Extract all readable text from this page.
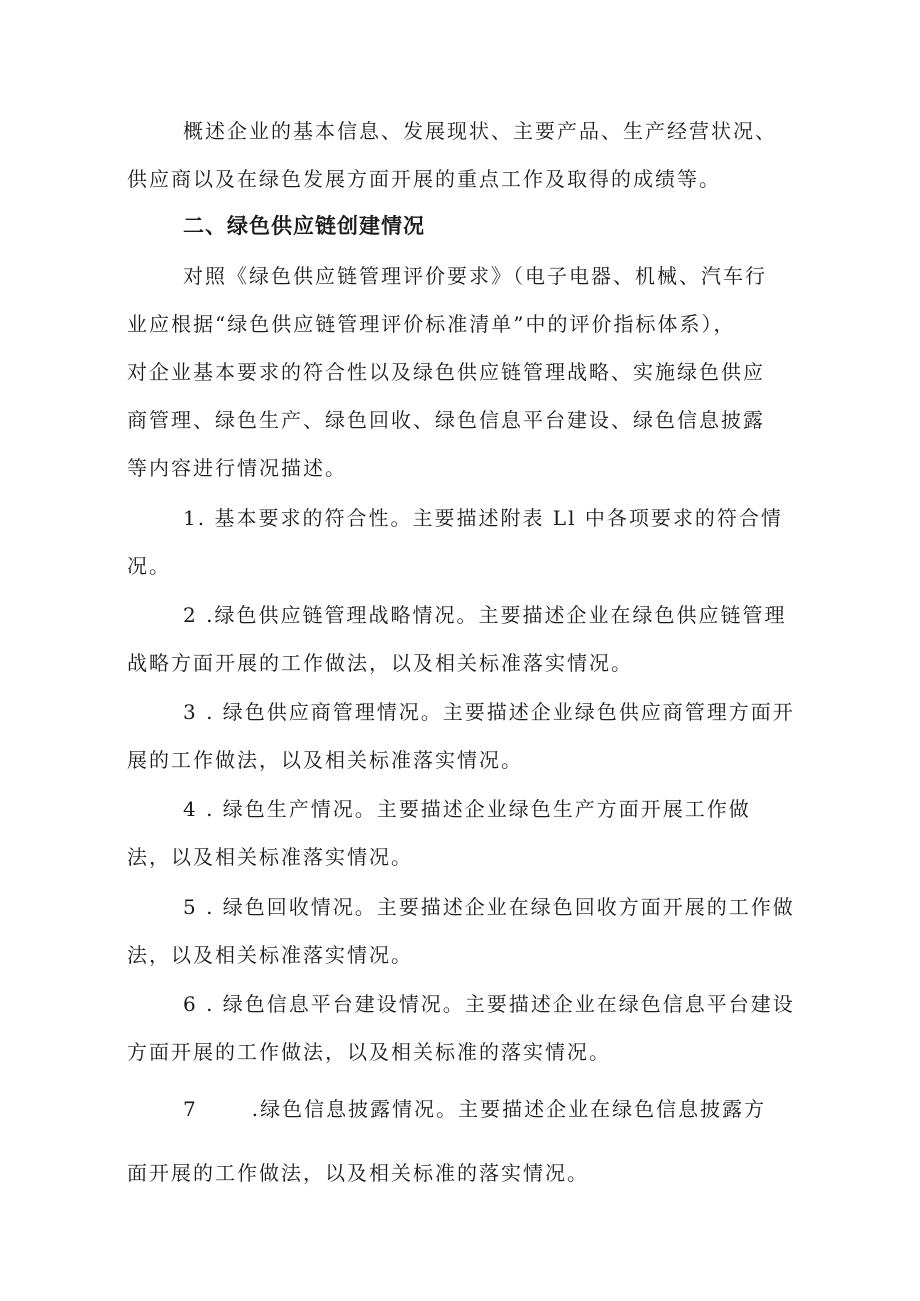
概述企业的基本信息、发展现状、主要产品、生产经营状况、
供应商以及在绿色发展方面开展的重点工作及取得的成绩等。
二、绿色供应链创建情况
对照《绿色供应链管理评价要求》（电子电器、机械、汽车行
业应根据“绿色供应链管理评价标准清单”中的评价指标体系），
对企业基本要求的符合性以及绿色供应链管理战略、实施绿色供应
商管理、绿色生产、绿色回收、绿色信息平台建设、绿色信息披露
等内容进行情况描述。
1. 基本要求的符合性。主要描述附表 Ll 中各项要求的符合情
况。
2 .绿色供应链管理战略情况。主要描述企业在绿色供应链管理
战略方面开展的工作做法，以及相关标准落实情况。
3 . 绿色供应商管理情况。主要描述企业绿色供应商管理方面开
展的工作做法，以及相关标准落实情况。
4 . 绿色生产情况。主要描述企业绿色生产方面开展工作做
法，以及相关标准落实情况。
5 . 绿色回收情况。主要描述企业在绿色回收方面开展的工作做
法，以及相关标准落实情况。
6 . 绿色信息平台建设情况。主要描述企业在绿色信息平台建设
方面开展的工作做法，以及相关标准的落实情况。
7	.绿色信息披露情况。主要描述企业在绿色信息披露方
面开展的工作做法，以及相关标准的落实情况。
